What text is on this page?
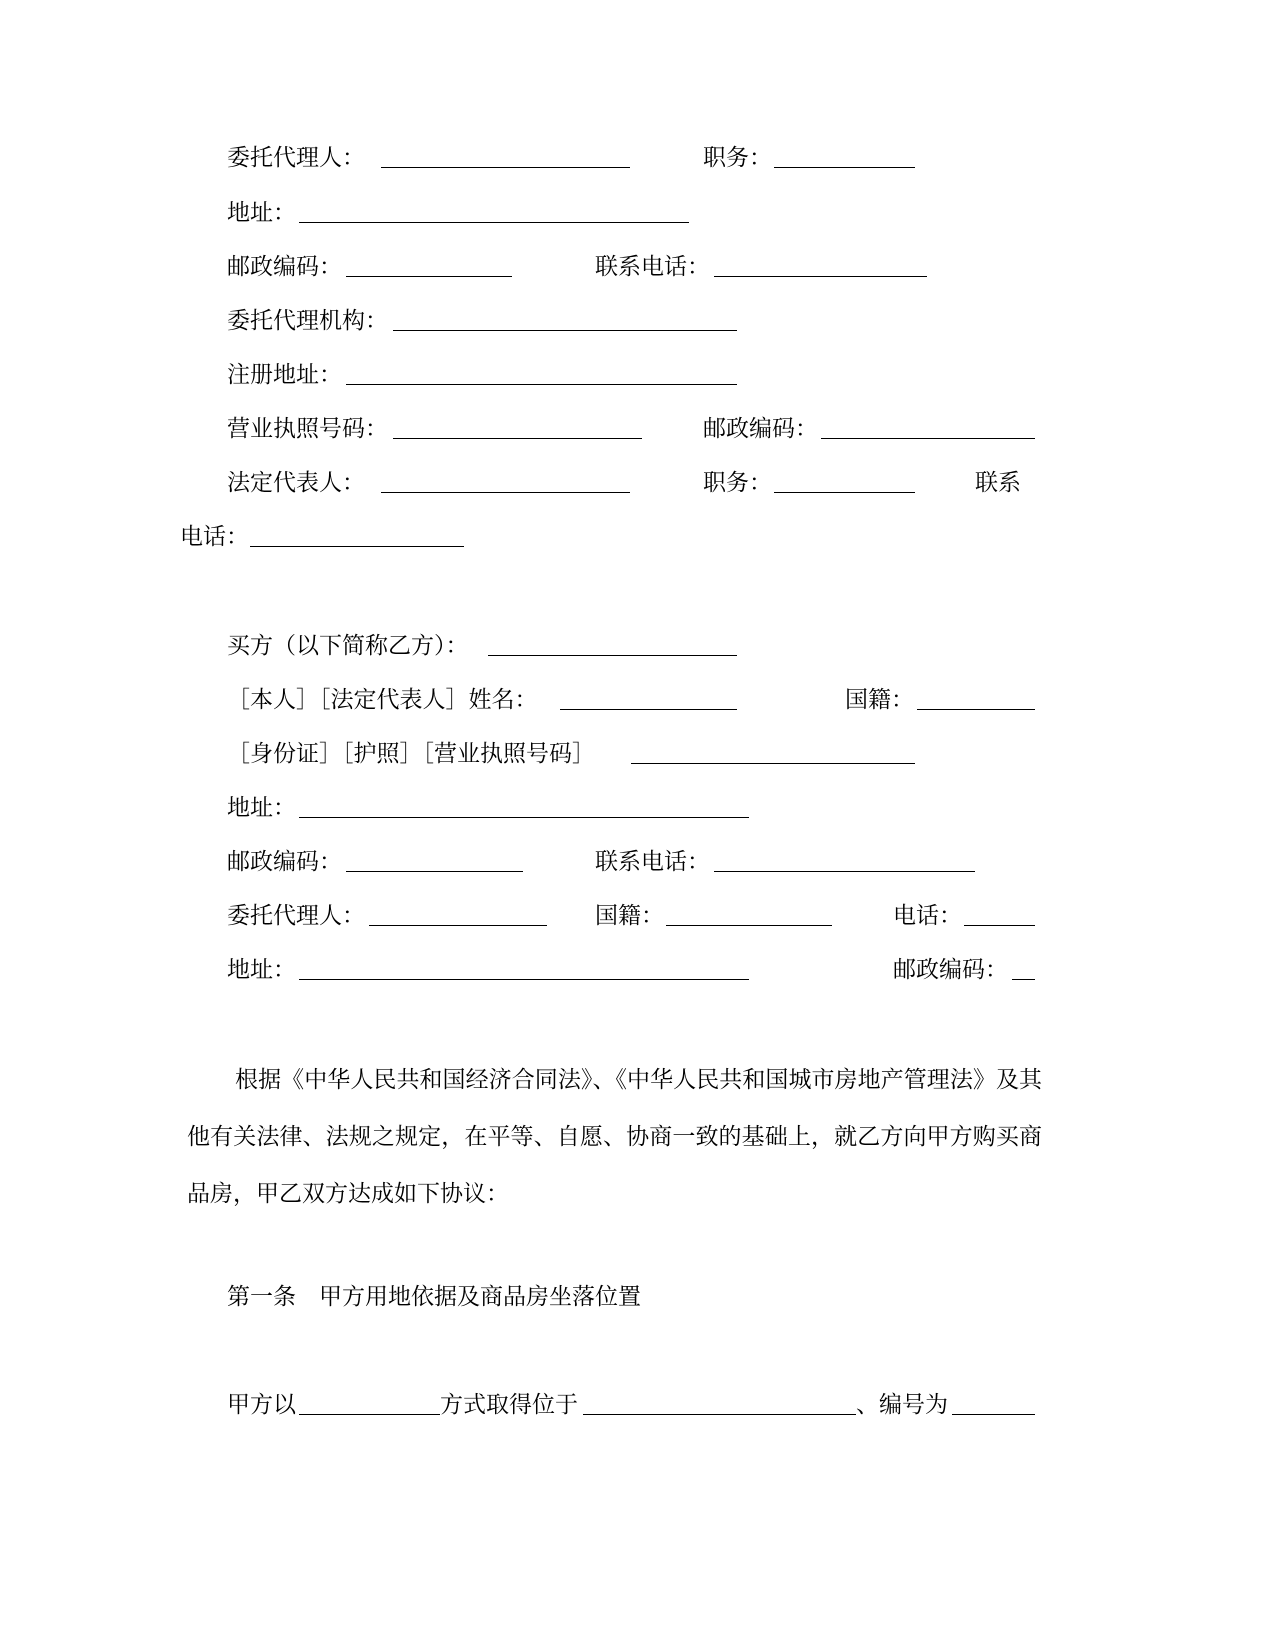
委托代理人：	职务：
地址：
邮政编码：	联系电话：
委托代理机构：
注册地址：
营业执照号码：	邮政编码：
法定代表人：	职务：	联系
电话：
买方（以下简称乙方）：
［本人］［法定代表人］姓名：	国籍：
［身份证］［护照］［营业执照号码］
地址：
邮政编码：	联系电话：
委托代理人：	国籍：	电话：
地址：	邮政编码：
根据《中华人民共和国经济合同法》、《中华人民共和国城市房地产管理法》及其他有关法律、法规之规定，在平等、自愿、协商一致的基础上，就乙方向甲方购买商品房，甲乙双方达成如下协议：
第一条　甲方用地依据及商品房坐落位置
甲方以	方式取得位于	、编号为
